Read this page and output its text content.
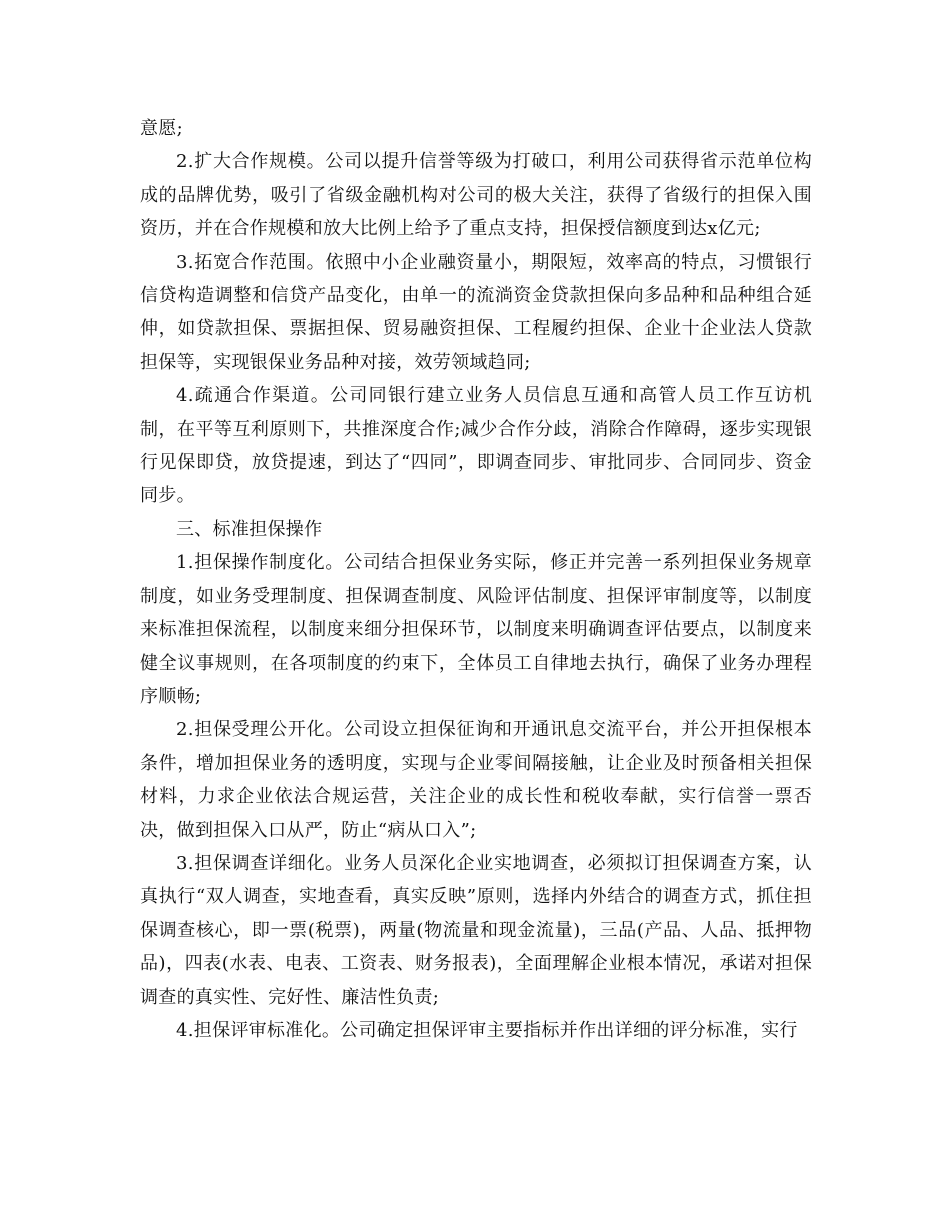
意愿;

2.扩大合作规模。公司以提升信誉等级为打破口，利用公司获得省示范单位构成的品牌优势，吸引了省级金融机构对公司的极大关注，获得了省级行的担保入围资历，并在合作规模和放大比例上给予了重点支持，担保授信额度到达x亿元;

3.拓宽合作范围。依照中小企业融资量小，期限短，效率高的特点，习惯银行信贷构造调整和信贷产品变化，由单一的流淌资金贷款担保向多品种和品种组合延伸，如贷款担保、票据担保、贸易融资担保、工程履约担保、企业十企业法人贷款担保等，实现银保业务品种对接，效劳领域趋同;

4.疏通合作渠道。公司同银行建立业务人员信息互通和高管人员工作互访机制，在平等互利原则下，共推深度合作;减少合作分歧，消除合作障碍，逐步实现银行见保即贷，放贷提速，到达了“四同”，即调查同步、审批同步、合同同步、资金同步。

三、标准担保操作

1.担保操作制度化。公司结合担保业务实际，修正并完善一系列担保业务规章制度，如业务受理制度、担保调查制度、风险评估制度、担保评审制度等，以制度来标准担保流程，以制度来细分担保环节，以制度来明确调查评估要点，以制度来健全议事规则，在各项制度的约束下，全体员工自律地去执行，确保了业务办理程序顺畅;

2.担保受理公开化。公司设立担保征询和开通讯息交流平台，并公开担保根本条件，增加担保业务的透明度，实现与企业零间隔接触，让企业及时预备相关担保材料，力求企业依法合规运营，关注企业的成长性和税收奉献，实行信誉一票否决，做到担保入口从严，防止“病从口入”;

3.担保调查详细化。业务人员深化企业实地调查，必须拟订担保调查方案，认真执行“双人调查，实地查看，真实反映”原则，选择内外结合的调查方式，抓住担保调查核心，即一票(税票)，两量(物流量和现金流量)，三品(产品、人品、抵押物品)，四表(水表、电表、工资表、财务报表)，全面理解企业根本情况，承诺对担保调查的真实性、完好性、廉洁性负责;

4.担保评审标准化。公司确定担保评审主要指标并作出详细的评分标准，实行
